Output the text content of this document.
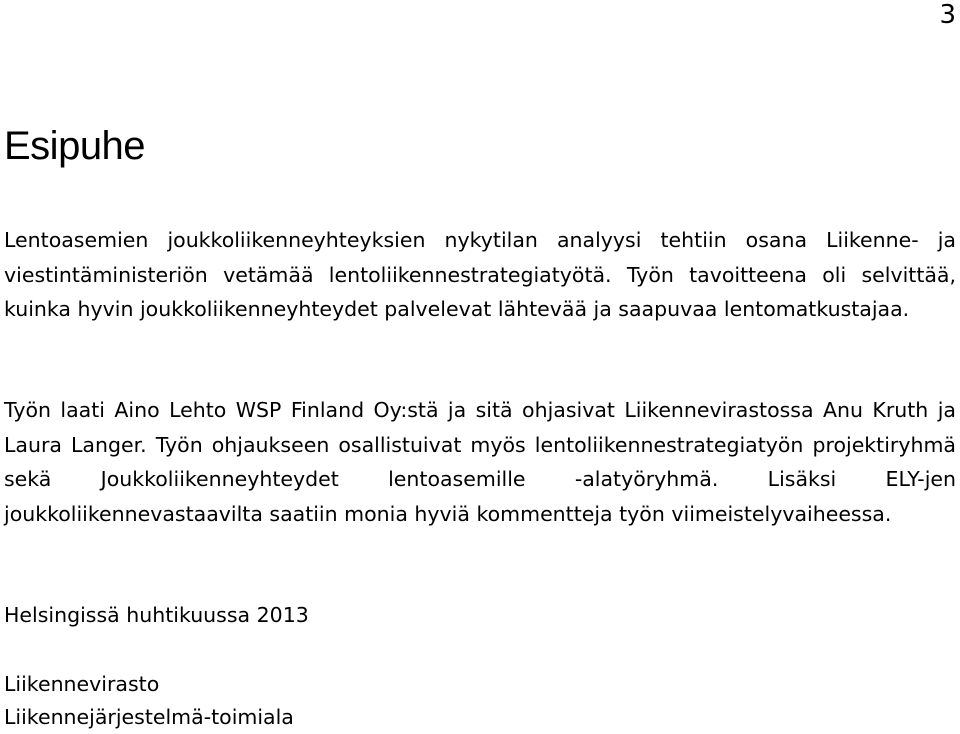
3
Esipuhe

Lentoasemien joukkoliikenneyhteyksien nykytilan analyysi tehtiin osana Liikenne- ja viestintäministeriön vetämää lentoliikennestrategiatyötä. Työn tavoitteena oli selvittää, kuinka hyvin joukkoliikenneyhteydet palvelevat lähtevää ja saapuvaa lentomatkustajaa.

Työn laati Aino Lehto WSP Finland Oy:stä ja sitä ohjasivat Liikennevirastossa Anu Kruth ja Laura Langer. Työn ohjaukseen osallistuivat myös lentoliikennestrategiatyön projektiryhmä sekä Joukkoliikenneyhteydet lentoasemille -alatyöryhmä. Lisäksi ELY-jen joukkoliikennevastaavilta saatiin monia hyviä kommentteja työn viimeistelyvaiheessa.

Helsingissä huhtikuussa 2013

Liikennevirasto

Liikennejärjestelmä-toimiala
